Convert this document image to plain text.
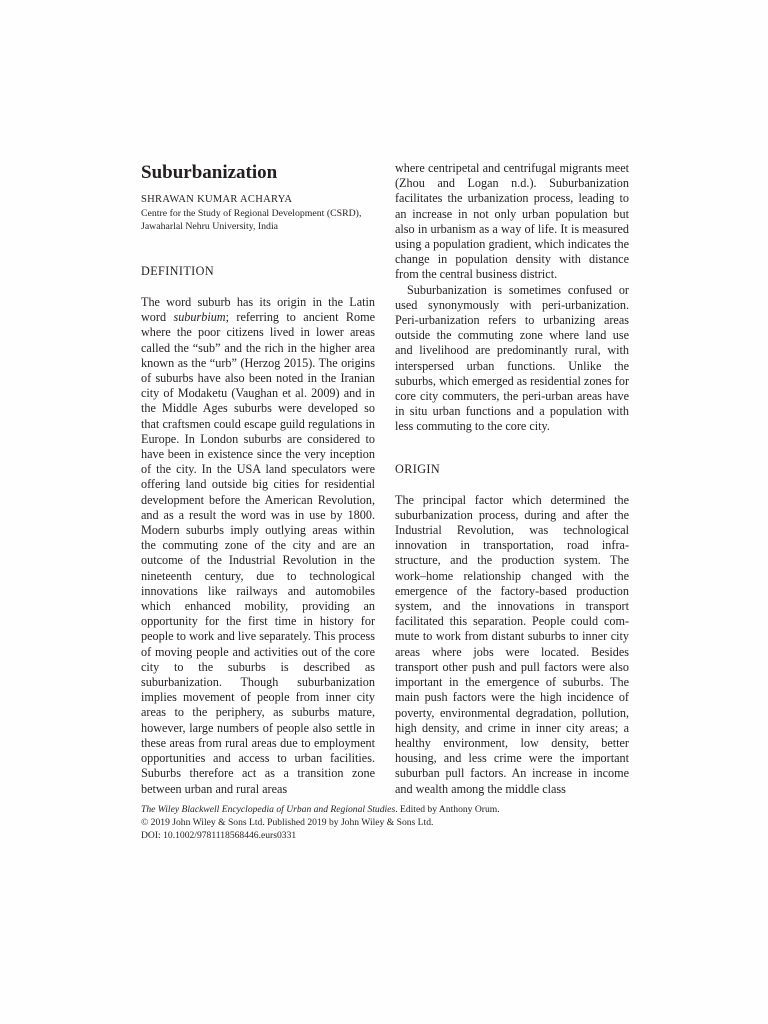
Suburbanization
SHRAWAN KUMAR ACHARYA
Centre for the Study of Regional Development (CSRD),
Jawaharlal Nehru University, India
DEFINITION

The word suburb has its origin in the Latin word suburbium; referring to ancient Rome where the poor citizens lived in lower areas called the “sub” and the rich in the higher area known as the “urb” (Herzog 2015). The origins of suburbs have also been noted in the Iranian city of Modaketu (Vaughan et al. 2009) and in the Middle Ages suburbs were developed so that craftsmen could escape guild regulations in Europe. In London suburbs are considered to have been in existence since the very inception of the city. In the USA land speculators were offering land outside big cities for residential development before the American Revolution, and as a result the word was in use by 1800. Modern suburbs imply outlying areas within the commuting zone of the city and are an outcome of the Industrial Revolution in the nineteenth century, due to technological innovations like railways and automobiles which enhanced mobility, providing an opportunity for the first time in history for people to work and live separately. This process of moving people and activities out of the core city to the suburbs is described as suburbanization. Though suburbanization implies movement of people from inner city areas to the periphery, as suburbs mature, however, large numbers of people also settle in these areas from rural areas due to employment opportunities and access to urban facilities. Suburbs therefore act as a transition zone between urban and rural areas

where centripetal and centrifugal migrants meet (Zhou and Logan n.d.). Suburbanization facilitates the urbanization process, leading to an increase in not only urban population but also in urbanism as a way of life. It is measured using a population gradient, which indicates the change in population density with distance from the central business district.

Suburbanization is sometimes confused or used synonymously with peri-urbanization. Peri-urbanization refers to urbanizing areas outside the commuting zone where land use and livelihood are predominantly rural, with interspersed urban functions. Unlike the suburbs, which emerged as residential zones for core city commuters, the peri-urban areas have in situ urban functions and a population with less commuting to the core city.

ORIGIN

The principal factor which determined the suburbanization process, during and after the Industrial Revolution, was technological innovation in transportation, road infrastructure, and the production system. The work–home relationship changed with the emergence of the factory-based production system, and the innovations in transport facilitated this separation. People could commute to work from distant suburbs to inner city areas where jobs were located. Besides transport other push and pull factors were also important in the emergence of suburbs. The main push factors were the high incidence of poverty, environmental degradation, pollution, high density, and crime in inner city areas; a healthy environment, low density, better housing, and less crime were the important suburban pull factors. An increase in income and wealth among the middle class

The Wiley Blackwell Encyclopedia of Urban and Regional Studies. Edited by Anthony Orum.
© 2019 John Wiley & Sons Ltd. Published 2019 by John Wiley & Sons Ltd.
DOI: 10.1002/9781118568446.eurs0331
